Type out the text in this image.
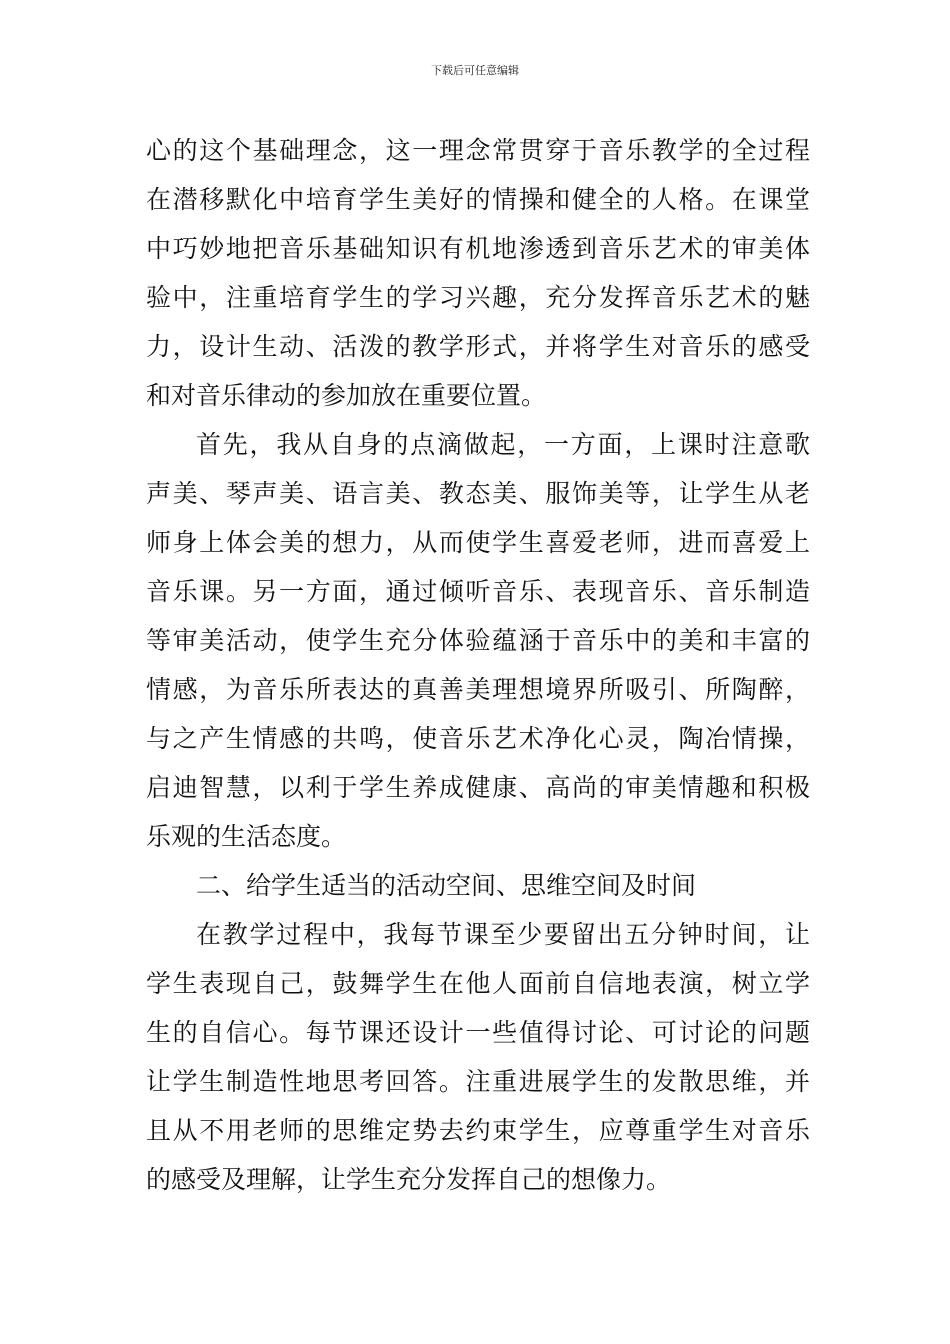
下载后可任意编辑
心的这个基础理念，这一理念常贯穿于音乐教学的全过程
在潜移默化中培育学生美好的情操和健全的人格。在课堂
中巧妙地把音乐基础知识有机地渗透到音乐艺术的审美体
验中，注重培育学生的学习兴趣，充分发挥音乐艺术的魅
力，设计生动、活泼的教学形式，并将学生对音乐的感受
和对音乐律动的参加放在重要位置。
首先，我从自身的点滴做起，一方面，上课时注意歌
声美、琴声美、语言美、教态美、服饰美等，让学生从老
师身上体会美的想力，从而使学生喜爱老师，进而喜爱上
音乐课。另一方面，通过倾听音乐、表现音乐、音乐制造
等审美活动，使学生充分体验蕴涵于音乐中的美和丰富的
情感，为音乐所表达的真善美理想境界所吸引、所陶醉，
与之产生情感的共鸣，使音乐艺术净化心灵，陶冶情操，
启迪智慧，以利于学生养成健康、高尚的审美情趣和积极
乐观的生活态度。
二、给学生适当的活动空间、思维空间及时间
在教学过程中，我每节课至少要留出五分钟时间，让
学生表现自己，鼓舞学生在他人面前自信地表演，树立学
生的自信心。每节课还设计一些值得讨论、可讨论的问题
让学生制造性地思考回答。注重进展学生的发散思维，并
且从不用老师的思维定势去约束学生，应尊重学生对音乐
的感受及理解，让学生充分发挥自己的想像力。
